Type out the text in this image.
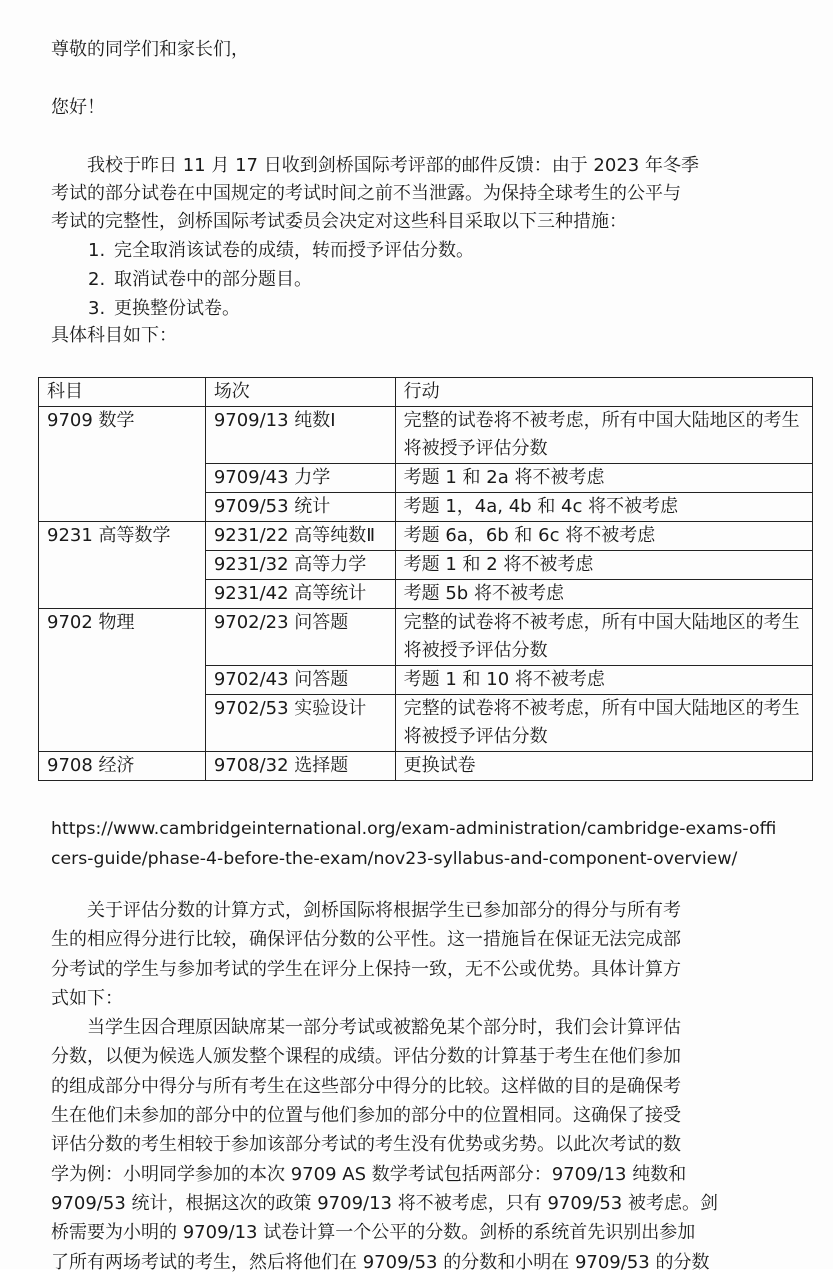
尊敬的同学们和家长们，
您好！
我校于昨日 11 月 17 日收到剑桥国际考评部的邮件反馈：由于 2023 年冬季
考试的部分试卷在中国规定的考试时间之前不当泄露。为保持全球考生的公平与
考试的完整性，剑桥国际考试委员会决定对这些科目采取以下三种措施：
1. 完全取消该试卷的成绩，转而授予评估分数。
2. 取消试卷中的部分题目。
3. 更换整份试卷。
具体科目如下：
科目	场次	行动
9709 数学	9709/13 纯数Ⅰ	完整的试卷将不被考虑，所有中国大陆地区的考生将被授予评估分数
	9709/43 力学	考题 1 和 2a 将不被考虑
	9709/53 统计	考题 1，4a, 4b 和 4c 将不被考虑
9231 高等数学	9231/22 高等纯数Ⅱ	考题 6a，6b 和 6c 将不被考虑
	9231/32 高等力学	考题 1 和 2 将不被考虑
	9231/42 高等统计	考题 5b 将不被考虑
9702 物理	9702/23 问答题	完整的试卷将不被考虑，所有中国大陆地区的考生将被授予评估分数
	9702/43 问答题	考题 1 和 10 将不被考虑
	9702/53 实验设计	完整的试卷将不被考虑，所有中国大陆地区的考生将被授予评估分数
9708 经济	9708/32 选择题	更换试卷
https://www.cambridgeinternational.org/exam-administration/cambridge-exams-offi
cers-guide/phase-4-before-the-exam/nov23-syllabus-and-component-overview/
关于评估分数的计算方式，剑桥国际将根据学生已参加部分的得分与所有考
生的相应得分进行比较，确保评估分数的公平性。这一措施旨在保证无法完成部
分考试的学生与参加考试的学生在评分上保持一致，无不公或优势。具体计算方
式如下：
当学生因合理原因缺席某一部分考试或被豁免某个部分时，我们会计算评估
分数，以便为候选人颁发整个课程的成绩。评估分数的计算基于考生在他们参加
的组成部分中得分与所有考生在这些部分中得分的比较。这样做的目的是确保考
生在他们未参加的部分中的位置与他们参加的部分中的位置相同。这确保了接受
评估分数的考生相较于参加该部分考试的考生没有优势或劣势。以此次考试的数
学为例：小明同学参加的本次 9709 AS 数学考试包括两部分：9709/13 纯数和
9709/53 统计，根据这次的政策 9709/13 将不被考虑，只有 9709/53 被考虑。剑
桥需要为小明的 9709/13 试卷计算一个公平的分数。剑桥的系统首先识别出参加
了所有两场考试的考生，然后将他们在 9709/53 的分数和小明在 9709/53 的分数
